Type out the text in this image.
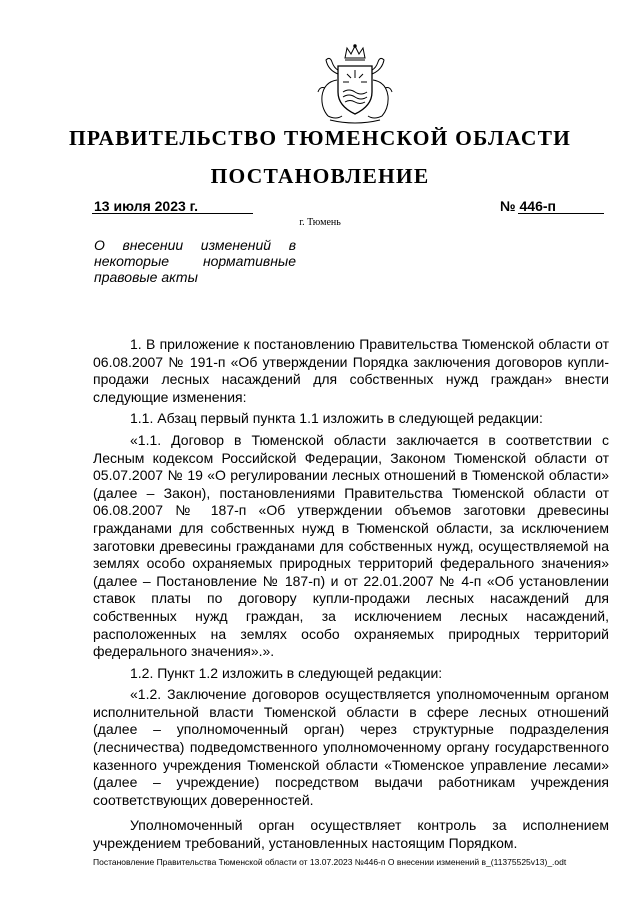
ПРАВИТЕЛЬСТВО ТЮМЕНСКОЙ ОБЛАСТИ
ПОСТАНОВЛЕНИЕ
13 июля 2023 г.	№ 446-п
г. Тюмень
О внесении изменений в некоторые нормативные правовые акты

1. В приложение к постановлению Правительства Тюменской области от 06.08.2007 № 191-п «Об утверждении Порядка заключения договоров купли-продажи лесных насаждений для собственных нужд граждан» внести следующие изменения:

1.1. Абзац первый пункта 1.1 изложить в следующей редакции:

«1.1. Договор в Тюменской области заключается в соответствии с Лесным кодексом Российской Федерации, Законом Тюменской области от 05.07.2007 № 19 «О регулировании лесных отношений в Тюменской области» (далее – Закон), постановлениями Правительства Тюменской области от 06.08.2007 № 187-п «Об утверждении объемов заготовки древесины гражданами для собственных нужд в Тюменской области, за исключением заготовки древесины гражданами для собственных нужд, осуществляемой на землях особо охраняемых природных территорий федерального значения» (далее – Постановление № 187-п) и от 22.01.2007 № 4-п «Об установлении ставок платы по договору купли-продажи лесных насаждений для собственных нужд граждан, за исключением лесных насаждений, расположенных на землях особо охраняемых природных территорий федерального значения».».

1.2. Пункт 1.2 изложить в следующей редакции:

«1.2. Заключение договоров осуществляется уполномоченным органом исполнительной власти Тюменской области в сфере лесных отношений (далее – уполномоченный орган) через структурные подразделения (лесничества) подведомственного уполномоченному органу государственного казенного учреждения Тюменской области «Тюменское управление лесами» (далее – учреждение) посредством выдачи работникам учреждения соответствующих доверенностей.

Уполномоченный орган осуществляет контроль за исполнением учреждением требований, установленных настоящим Порядком.

Постановление Правительства Тюменской области от 13.07.2023 №446-п О внесении изменений в_(11375525v13)_.odt
